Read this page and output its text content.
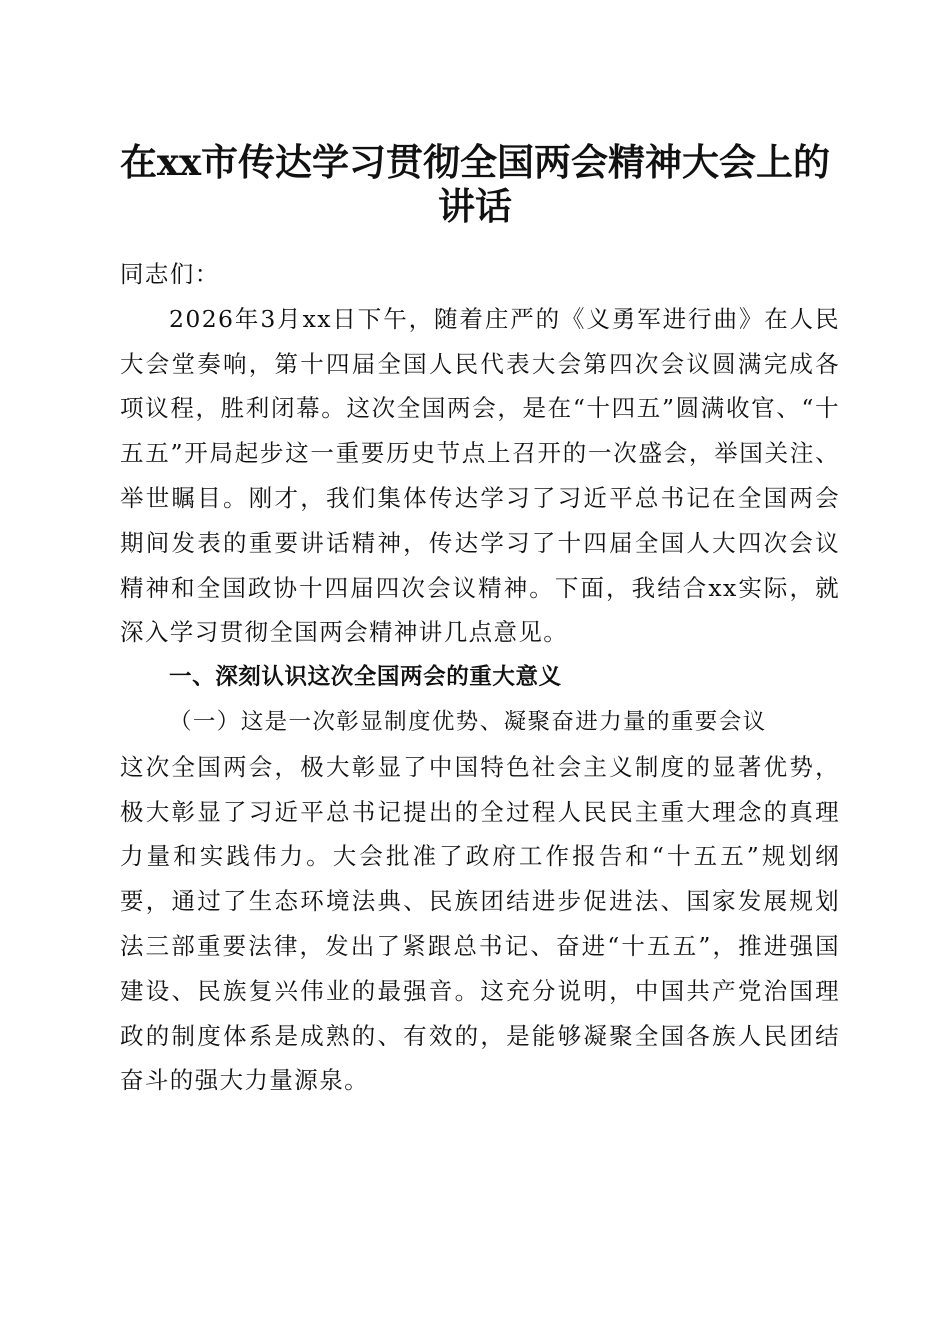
在xx市传达学习贯彻全国两会精神大会上的
讲话

同志们：

2026年3月xx日下午，随着庄严的《义勇军进行曲》在人民大会堂奏响，第十四届全国人民代表大会第四次会议圆满完成各项议程，胜利闭幕。这次全国两会，是在“十四五”圆满收官、“十五五”开局起步这一重要历史节点上召开的一次盛会，举国关注、举世瞩目。刚才，我们集体传达学习了习近平总书记在全国两会期间发表的重要讲话精神，传达学习了十四届全国人大四次会议精神和全国政协十四届四次会议精神。下面，我结合xx实际，就深入学习贯彻全国两会精神讲几点意见。

一、深刻认识这次全国两会的重大意义

（一）这是一次彰显制度优势、凝聚奋进力量的重要会议

这次全国两会，极大彰显了中国特色社会主义制度的显著优势，极大彰显了习近平总书记提出的全过程人民民主重大理念的真理力量和实践伟力。大会批准了政府工作报告和“十五五”规划纲要，通过了生态环境法典、民族团结进步促进法、国家发展规划法三部重要法律，发出了紧跟总书记、奋进“十五五”，推进强国建设、民族复兴伟业的最强音。这充分说明，中国共产党治国理政的制度体系是成熟的、有效的，是能够凝聚全国各族人民团结奋斗的强大力量源泉。
